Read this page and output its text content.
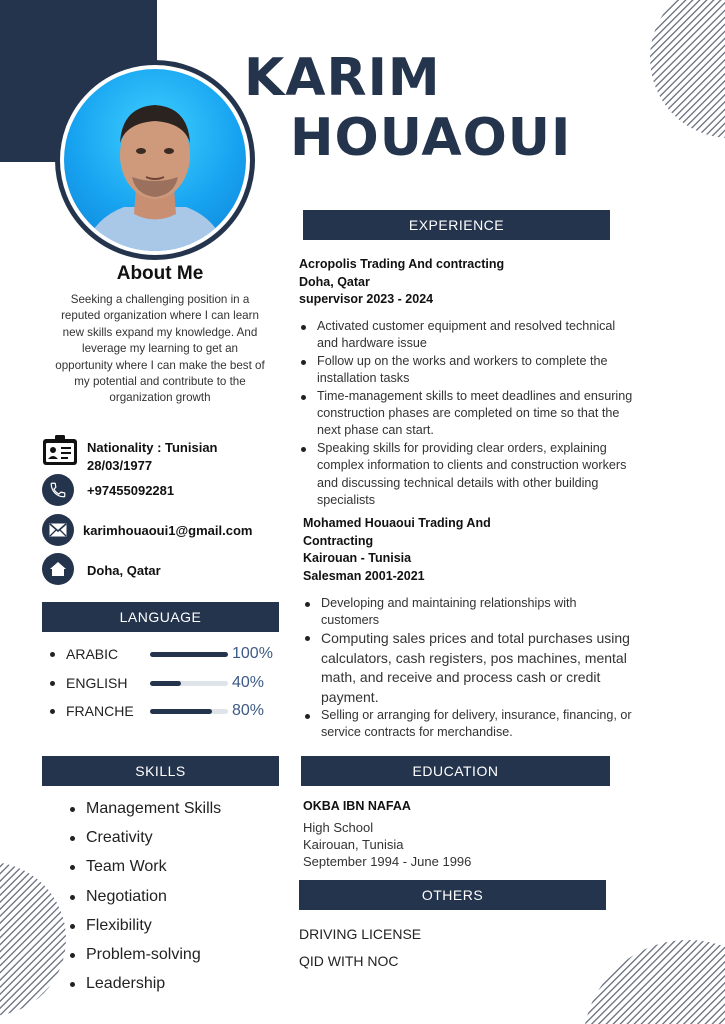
KARIM
HOUAOUI
About Me
Seeking a challenging position in a reputed organization where I can learn new skills expand my knowledge. And leverage my learning to get an opportunity where I can make the best of my potential and contribute to the organization growth
Nationality : Tunisian
28/03/1977
+97455092281
karimhouaoui1@gmail.com
Doha, Qatar
LANGUAGE
ARABIC	100%
ENGLISH	40%
FRANCHE	80%
SKILLS
Management Skills
Creativity
Team Work
Negotiation
Flexibility
Problem-solving
Leadership
EXPERIENCE
Acropolis Trading And contracting
Doha, Qatar
supervisor 2023 - 2024
Activated customer equipment and resolved technical and hardware issue
Follow up on the works and workers to complete the installation tasks
Time-management skills to meet deadlines and ensuring construction phases are completed on time so that the next phase can start.
Speaking skills for providing clear orders, explaining complex information to clients and construction workers and discussing technical details with other building specialists
Mohamed Houaoui Trading And Contracting
Kairouan - Tunisia
Salesman 2001-2021
Developing and maintaining relationships with customers
Computing sales prices and total purchases using calculators, cash registers, pos machines, mental math, and receive and process cash or credit payment.
Selling or arranging for delivery, insurance, financing, or service contracts for merchandise.
EDUCATION
OKBA IBN NAFAA
High School
Kairouan, Tunisia
September 1994 - June 1996
OTHERS
DRIVING LICENSE
QID WITH NOC
